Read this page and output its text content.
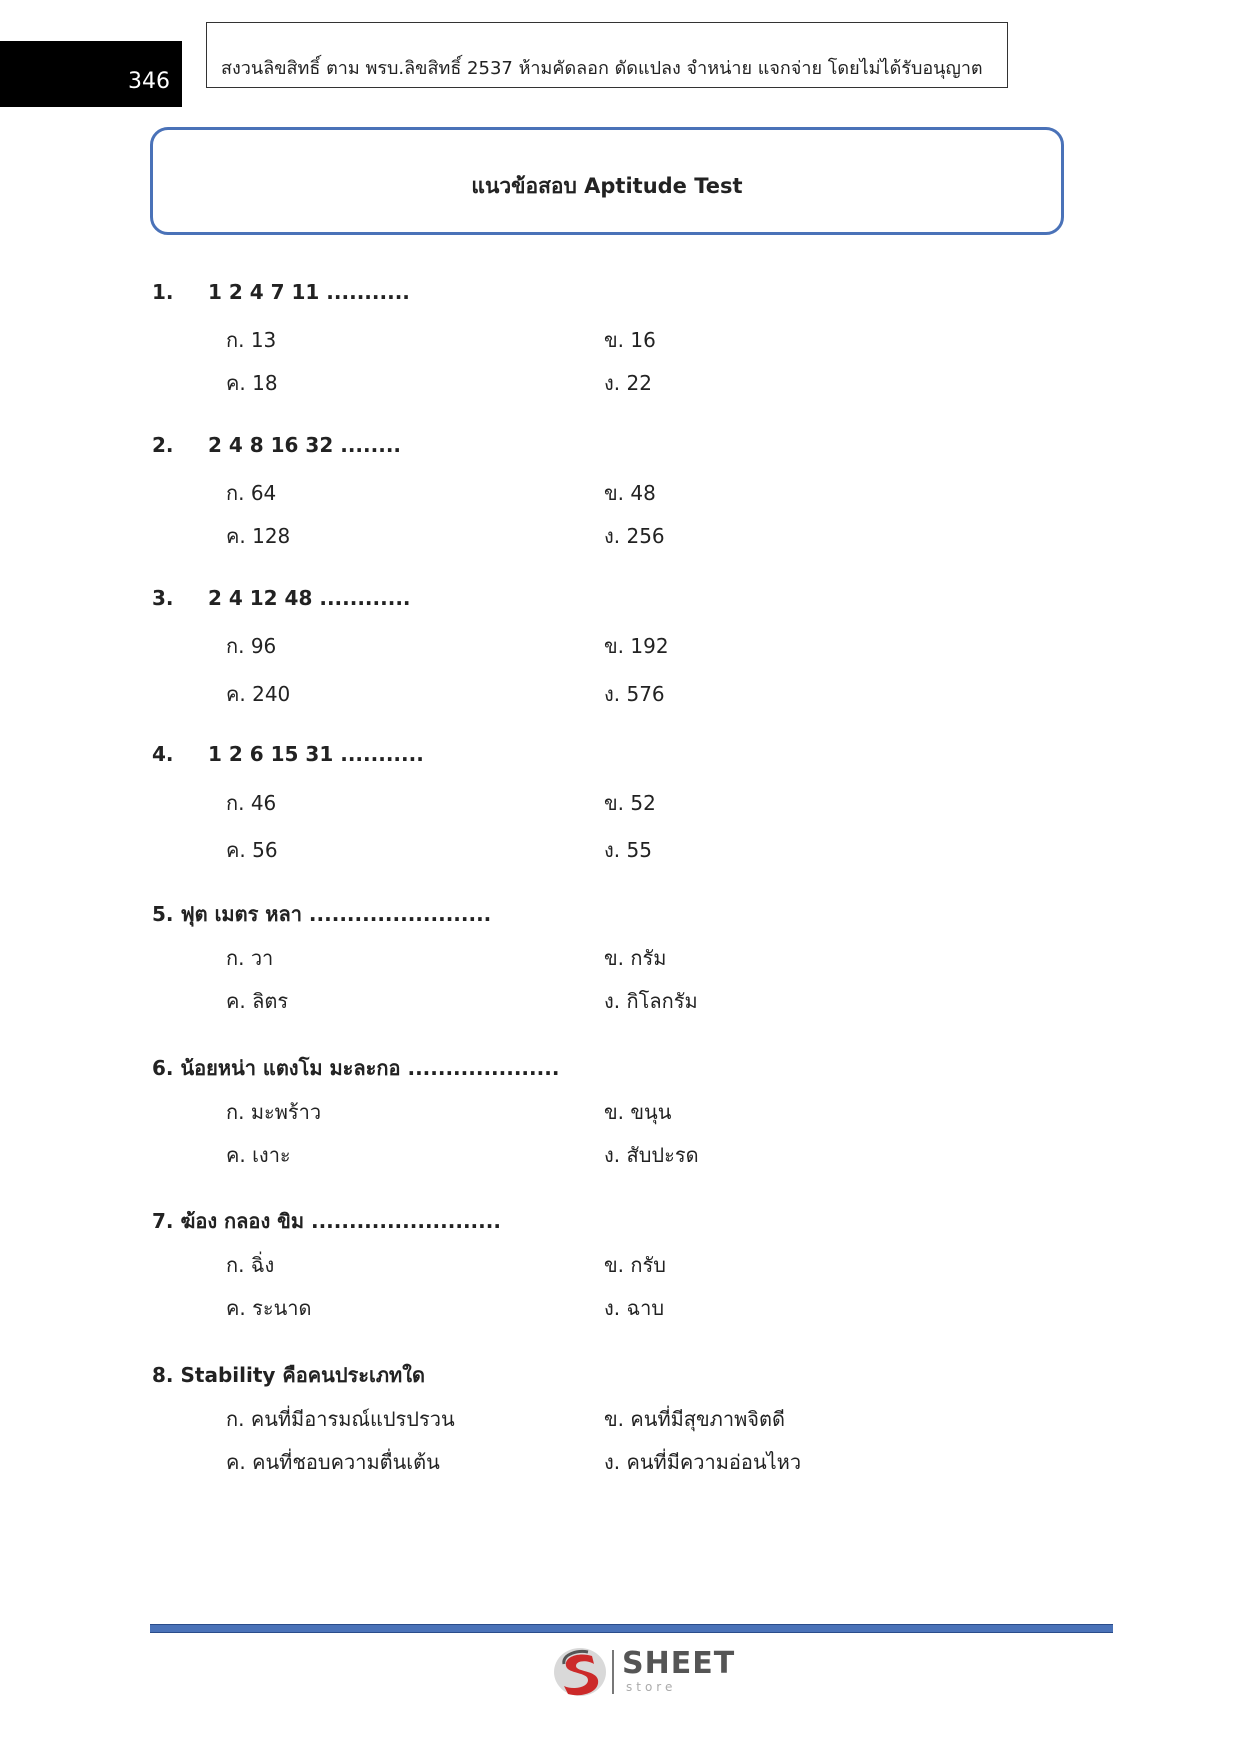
346
สงวนลิขสิทธิ์ ตาม พรบ.ลิขสิทธิ์ 2537 ห้ามคัดลอก ดัดแปลง จำหน่าย แจกจ่าย โดยไม่ได้รับอนุญาต
แนวข้อสอบ Aptitude Test
1. 1 2 4 7 11 ...........
ก. 13	ข. 16
ค. 18	ง. 22
2. 2 4 8 16 32 ........
ก. 64	ข. 48
ค. 128	ง. 256
3. 2 4 12 48 ............
ก. 96	ข. 192
ค. 240	ง. 576
4. 1 2 6 15 31 ...........
ก. 46	ข. 52
ค. 56	ง. 55
5. ฟุต เมตร หลา ........................
ก. วา	ข. กรัม
ค. ลิตร	ง. กิโลกรัม
6. น้อยหน่า แตงโม มะละกอ ....................
ก. มะพร้าว	ข. ขนุน
ค. เงาะ	ง. สับปะรด
7. ฆ้อง กลอง ขิม .........................
ก. ฉิ่ง	ข. กรับ
ค. ระนาด	ง. ฉาบ
8. Stability คือคนประเภทใด
ก. คนที่มีอารมณ์แปรปรวน	ข. คนที่มีสุขภาพจิตดี
ค. คนที่ชอบความตื่นเต้น	ง. คนที่มีความอ่อนไหว
SHEET
store
